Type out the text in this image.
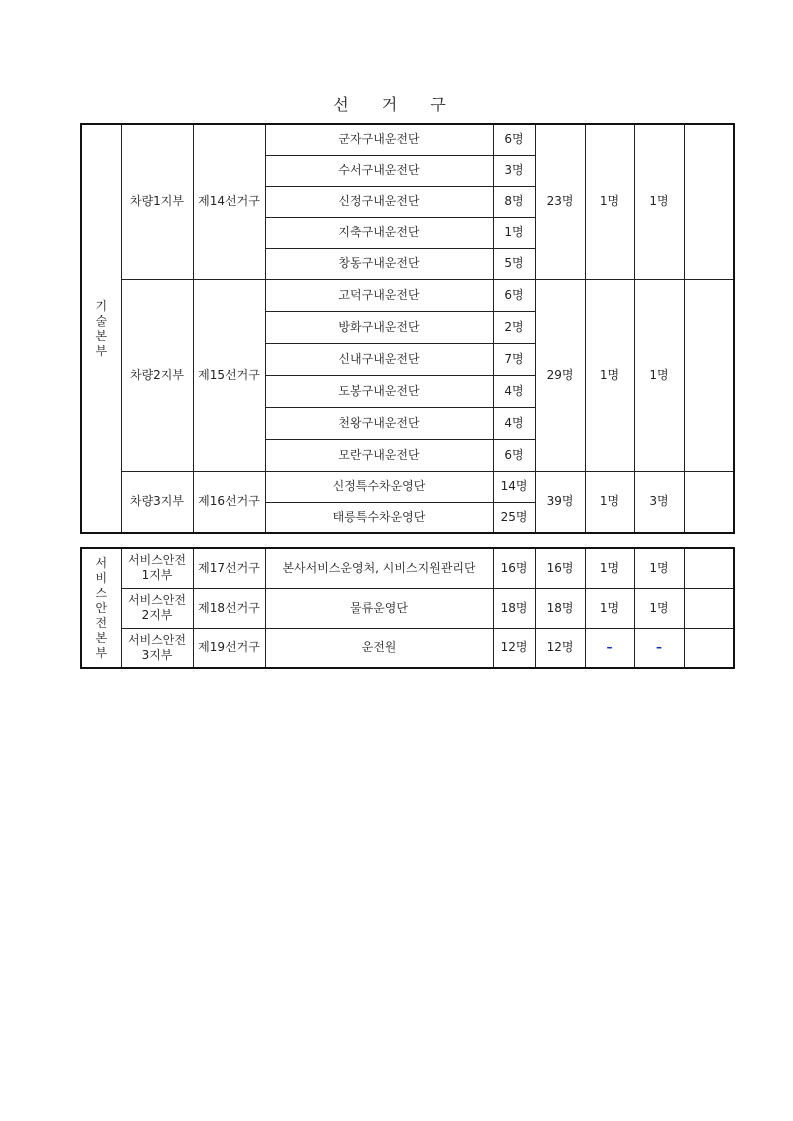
선 거 구
기술본부	차량1지부	제14선거구	군자구내운전단	6명	23명	1명	1명	
			수서구내운전단	3명				
			신정구내운전단	8명				
			지축구내운전단	1명				
			창동구내운전단	5명				
	차량2지부	제15선거구	고덕구내운전단	6명	29명	1명	1명	
			방화구내운전단	2명				
			신내구내운전단	7명				
			도봉구내운전단	4명				
			천왕구내운전단	4명				
			모란구내운전단	6명				
	차량3지부	제16선거구	신정특수차운영단	14명	39명	1명	3명	
			태릉특수차운영단	25명				
서비스안전본부	서비스안전
1지부	제17선거구	본사서비스운영처, 시비스지원관리단	16명	16명	1명	1명	

	서비스안전
2지부	제18선거구	물류운영단	18명	18명	1명	1명	

	서비스안전
3지부	제19선거구	운전원	12명	12명	–	–	
